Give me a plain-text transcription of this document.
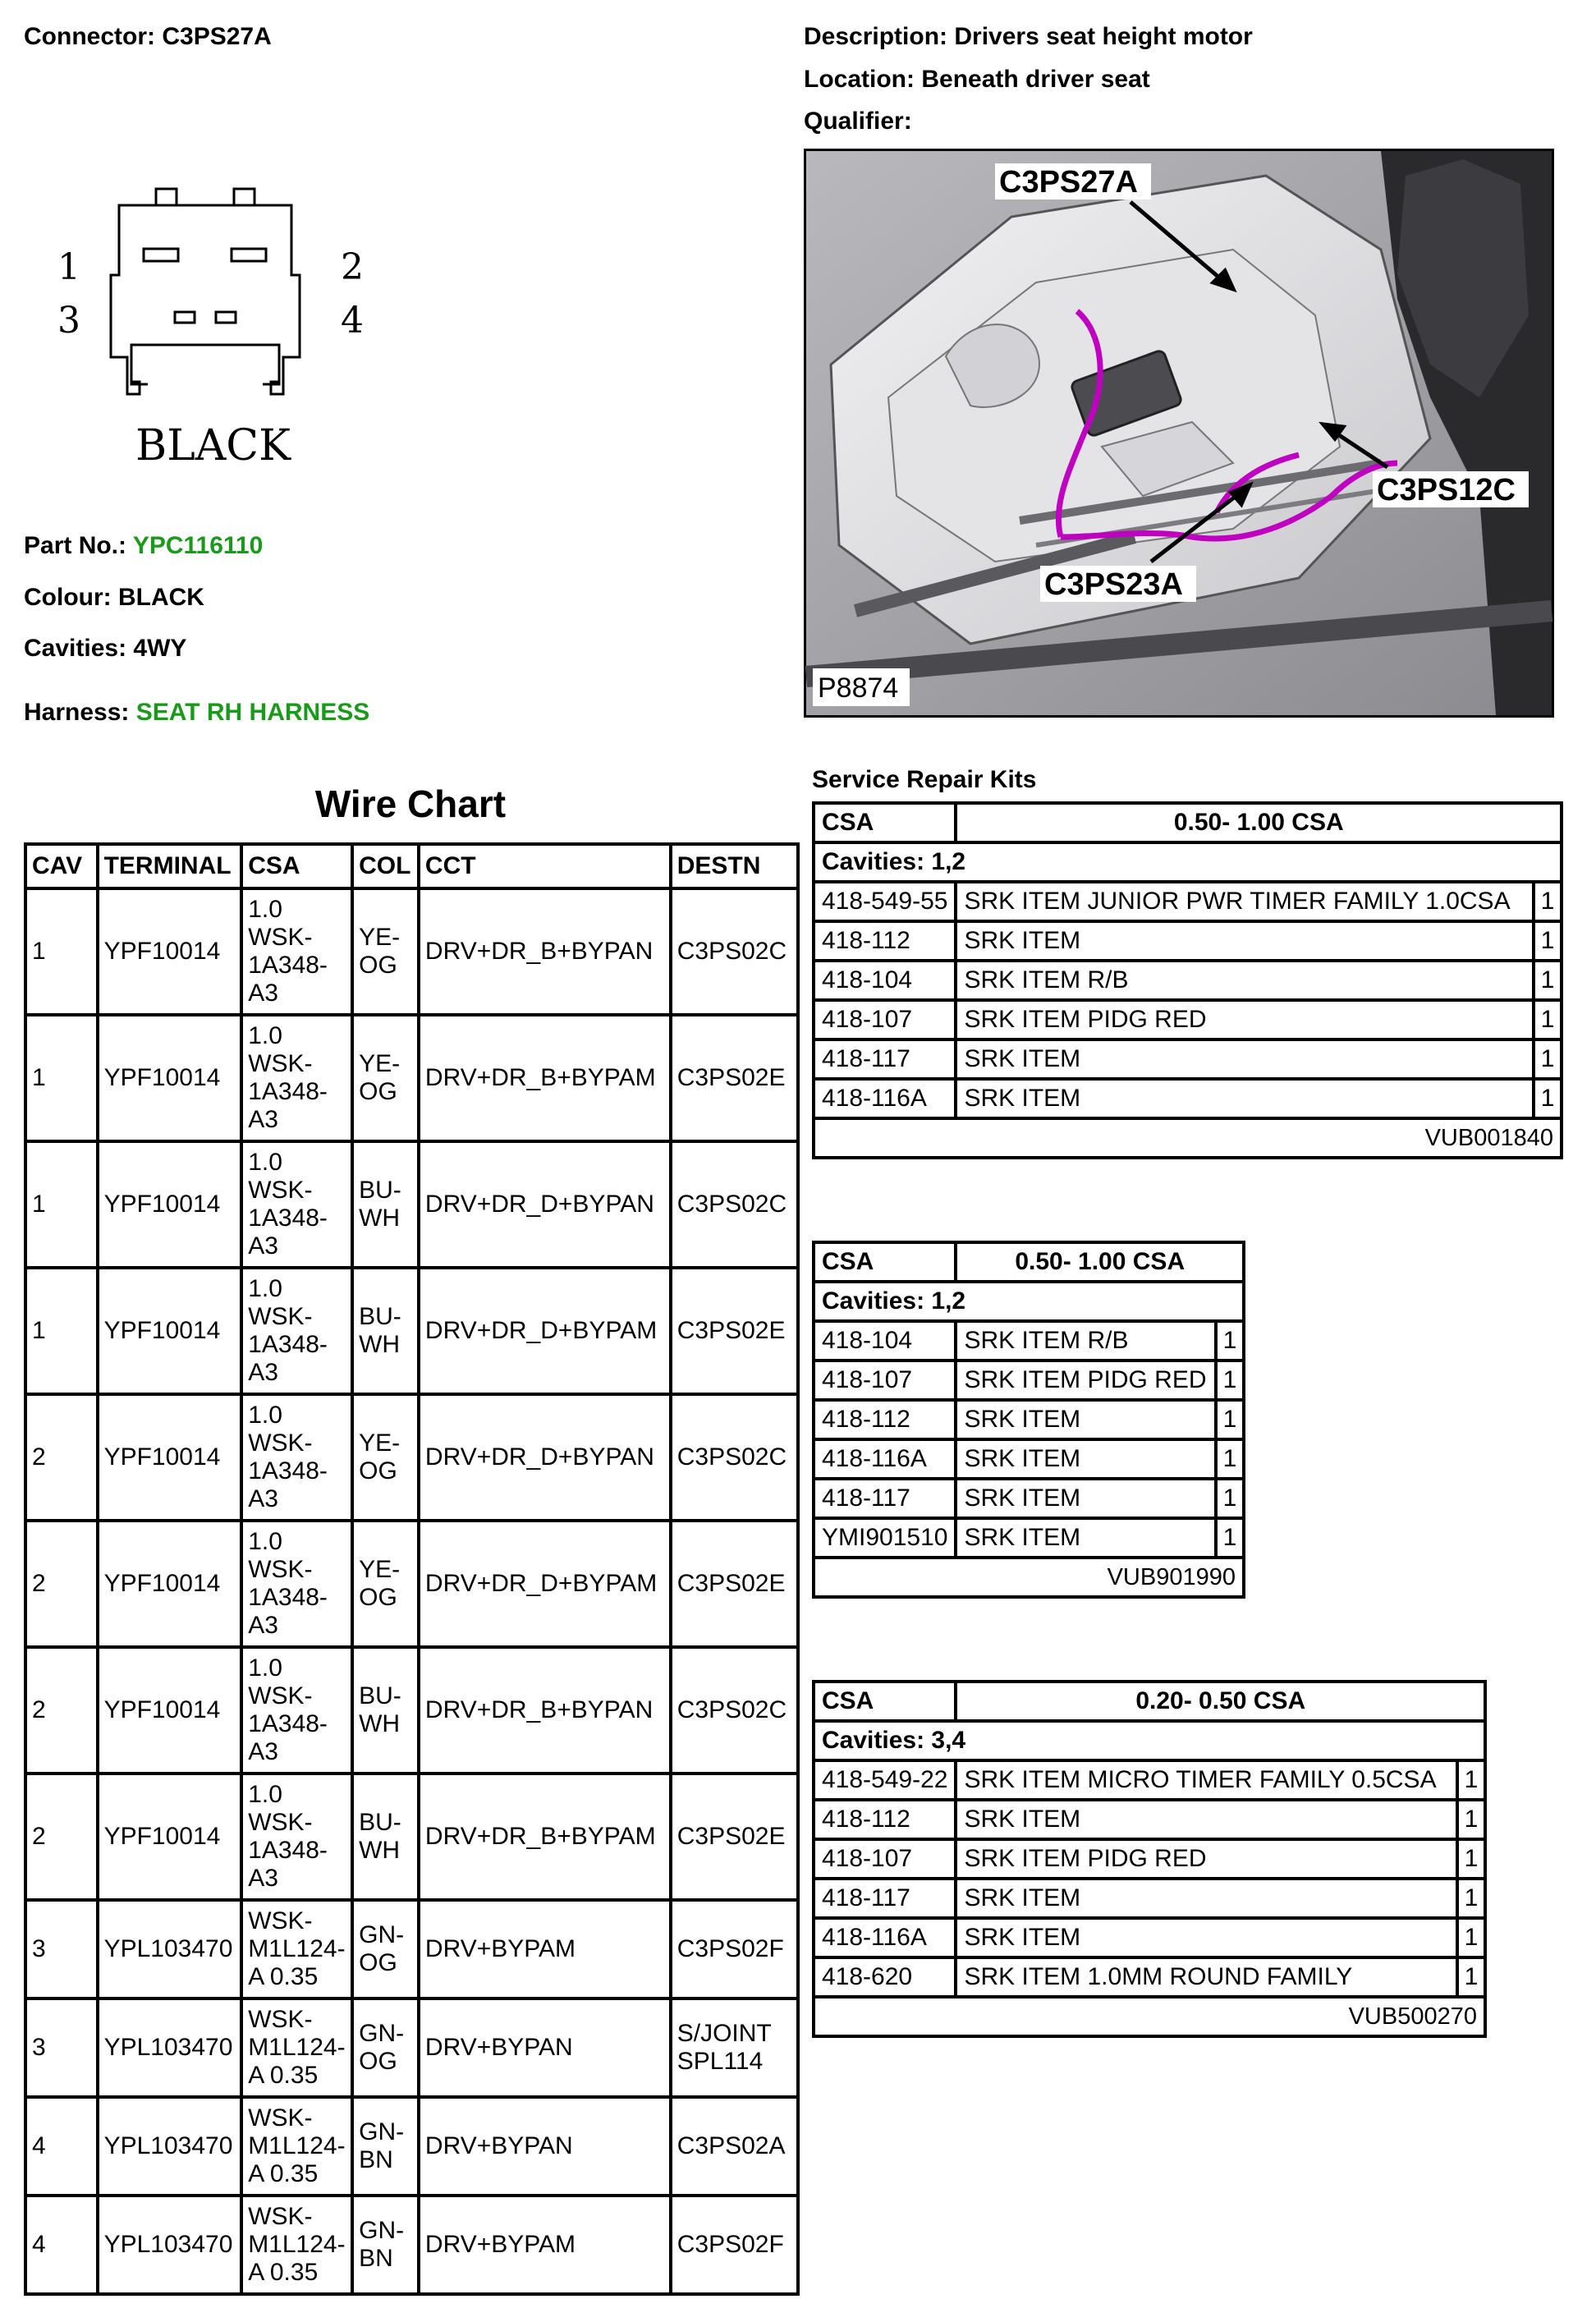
Connector: C3PS27A	Description: Drivers seat height motor
Location: Beneath driver seat
Qualifier:
1
3
2
4
BLACK
Part No.: YPC116110
Colour: BLACK
Cavities: 4WY
Harness: SEAT RH HARNESS
C3PS27A
C3PS12C
C3PS23A
P8874
Wire Chart
CAV	TERMINAL	CSA	COL	CCT	DESTN
1	YPF10014	1.0 WSK-1A348-A3	YE-OG	DRV+DR_B+BYPAN	C3PS02C
1	YPF10014	1.0 WSK-1A348-A3	YE-OG	DRV+DR_B+BYPAM	C3PS02E
1	YPF10014	1.0 WSK-1A348-A3	BU-WH	DRV+DR_D+BYPAN	C3PS02C
1	YPF10014	1.0 WSK-1A348-A3	BU-WH	DRV+DR_D+BYPAM	C3PS02E
2	YPF10014	1.0 WSK-1A348-A3	YE-OG	DRV+DR_D+BYPAN	C3PS02C
2	YPF10014	1.0 WSK-1A348-A3	YE-OG	DRV+DR_D+BYPAM	C3PS02E
2	YPF10014	1.0 WSK-1A348-A3	BU-WH	DRV+DR_B+BYPAN	C3PS02C
2	YPF10014	1.0 WSK-1A348-A3	BU-WH	DRV+DR_B+BYPAM	C3PS02E
3	YPL103470	WSK-M1L124-A 0.35	GN-OG	DRV+BYPAM	C3PS02F
3	YPL103470	WSK-M1L124-A 0.35	GN-OG	DRV+BYPAN	S/JOINT SPL114
4	YPL103470	WSK-M1L124-A 0.35	GN-BN	DRV+BYPAN	C3PS02A
4	YPL103470	WSK-M1L124-A 0.35	GN-BN	DRV+BYPAM	C3PS02F
Service Repair Kits
CSA	0.50- 1.00 CSA	
Cavities: 1,2		
418-549-55	SRK ITEM JUNIOR PWR TIMER FAMILY 1.0CSA	1
418-112	SRK ITEM	1
418-104	SRK ITEM R/B	1
418-107	SRK ITEM PIDG RED	1
418-117	SRK ITEM	1
418-116A	SRK ITEM	1
VUB001840		
CSA	0.50- 1.00 CSA	
Cavities: 1,2		
418-104	SRK ITEM R/B	1
418-107	SRK ITEM PIDG RED	1
418-112	SRK ITEM	1
418-116A	SRK ITEM	1
418-117	SRK ITEM	1
YMI901510	SRK ITEM	1
VUB901990		
CSA	0.20- 0.50 CSA	
Cavities: 3,4		
418-549-22	SRK ITEM MICRO TIMER FAMILY 0.5CSA	1
418-112	SRK ITEM	1
418-107	SRK ITEM PIDG RED	1
418-117	SRK ITEM	1
418-116A	SRK ITEM	1
418-620	SRK ITEM 1.0MM ROUND FAMILY	1
VUB500270		
